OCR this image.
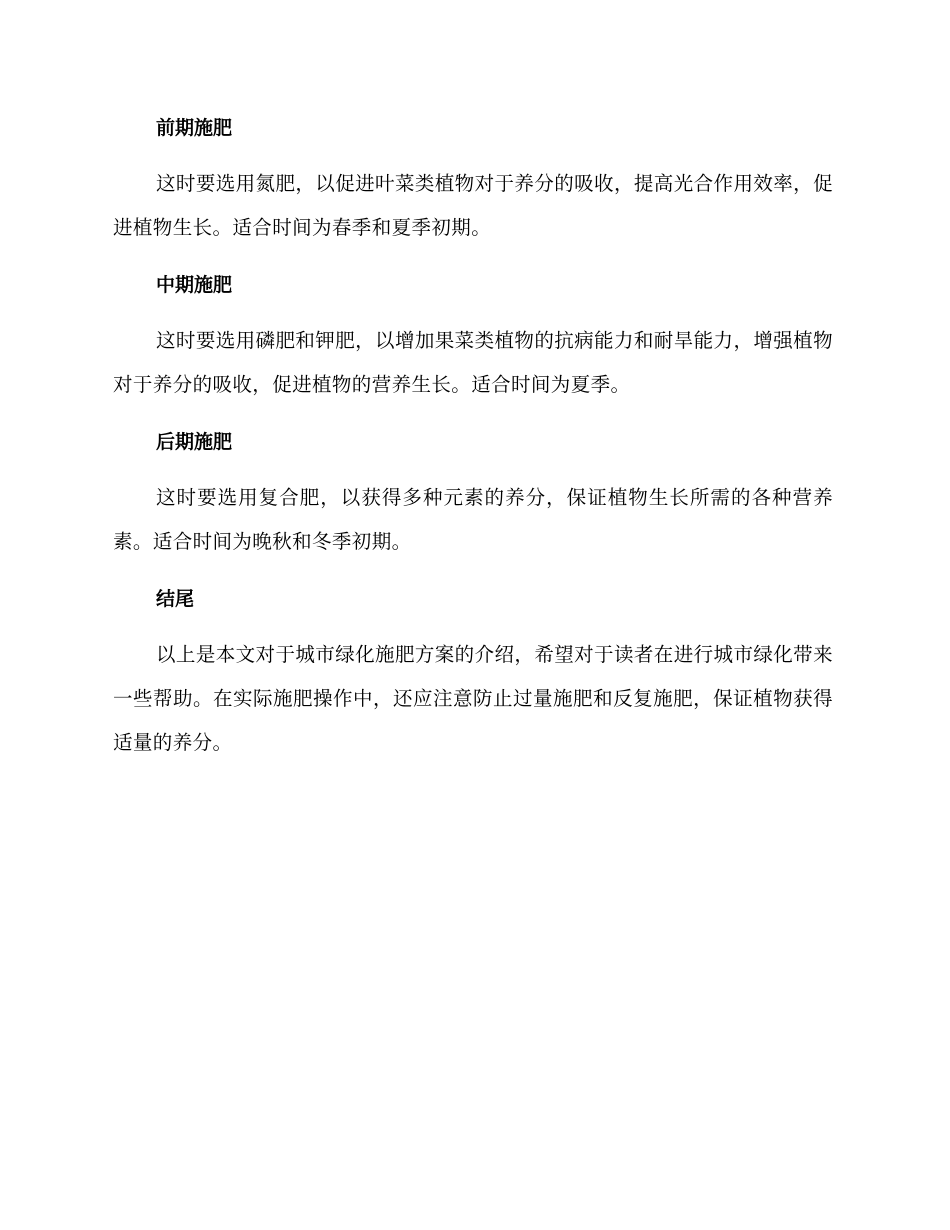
前期施肥

这时要选用氮肥，以促进叶菜类植物对于养分的吸收，提高光合作用效率，促进植物生长。适合时间为春季和夏季初期。

中期施肥

这时要选用磷肥和钾肥，以增加果菜类植物的抗病能力和耐旱能力，增强植物对于养分的吸收，促进植物的营养生长。适合时间为夏季。

后期施肥

这时要选用复合肥，以获得多种元素的养分，保证植物生长所需的各种营养素。适合时间为晚秋和冬季初期。

结尾

以上是本文对于城市绿化施肥方案的介绍，希望对于读者在进行城市绿化带来一些帮助。在实际施肥操作中，还应注意防止过量施肥和反复施肥，保证植物获得适量的养分。
